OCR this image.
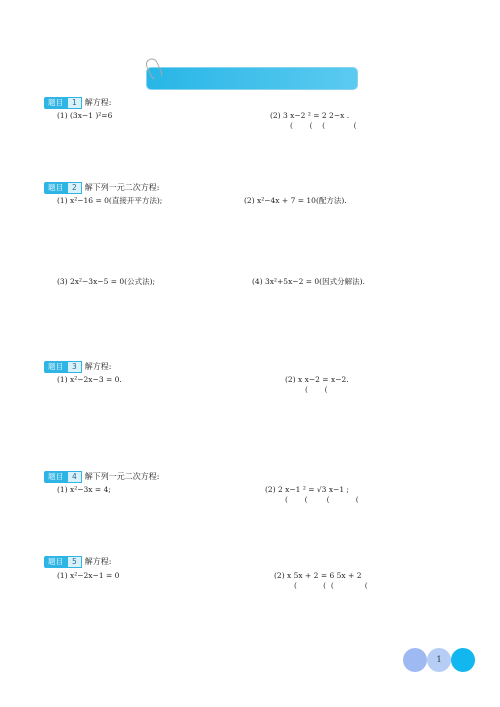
题目	1	解方程:
(1) (3x−1 )²=6	(2) 3 x−2 ² = 2 2−x .
(       (    (            (
题目	2	解下列一元二次方程:
(1) x²−16 = 0(直接开平方法);	(2) x²−4x + 7 = 10(配方法).
(3) 2x²−3x−5 = 0(公式法);	(4) 3x²+5x−2 = 0(因式分解法).
题目	3	解方程:
(1) x²−2x−3 = 0.	(2) x x−2 = x−2.
(       (
题目	4	解下列一元二次方程:
(1) x²−3x = 4;	(2) 2 x−1 ² = √3 x−1 ;
(       (        (           (
题目	5	解方程:
(1) x²−2x−1 = 0	(2) x 5x + 2 = 6 5x + 2
(           (  (             (
1
